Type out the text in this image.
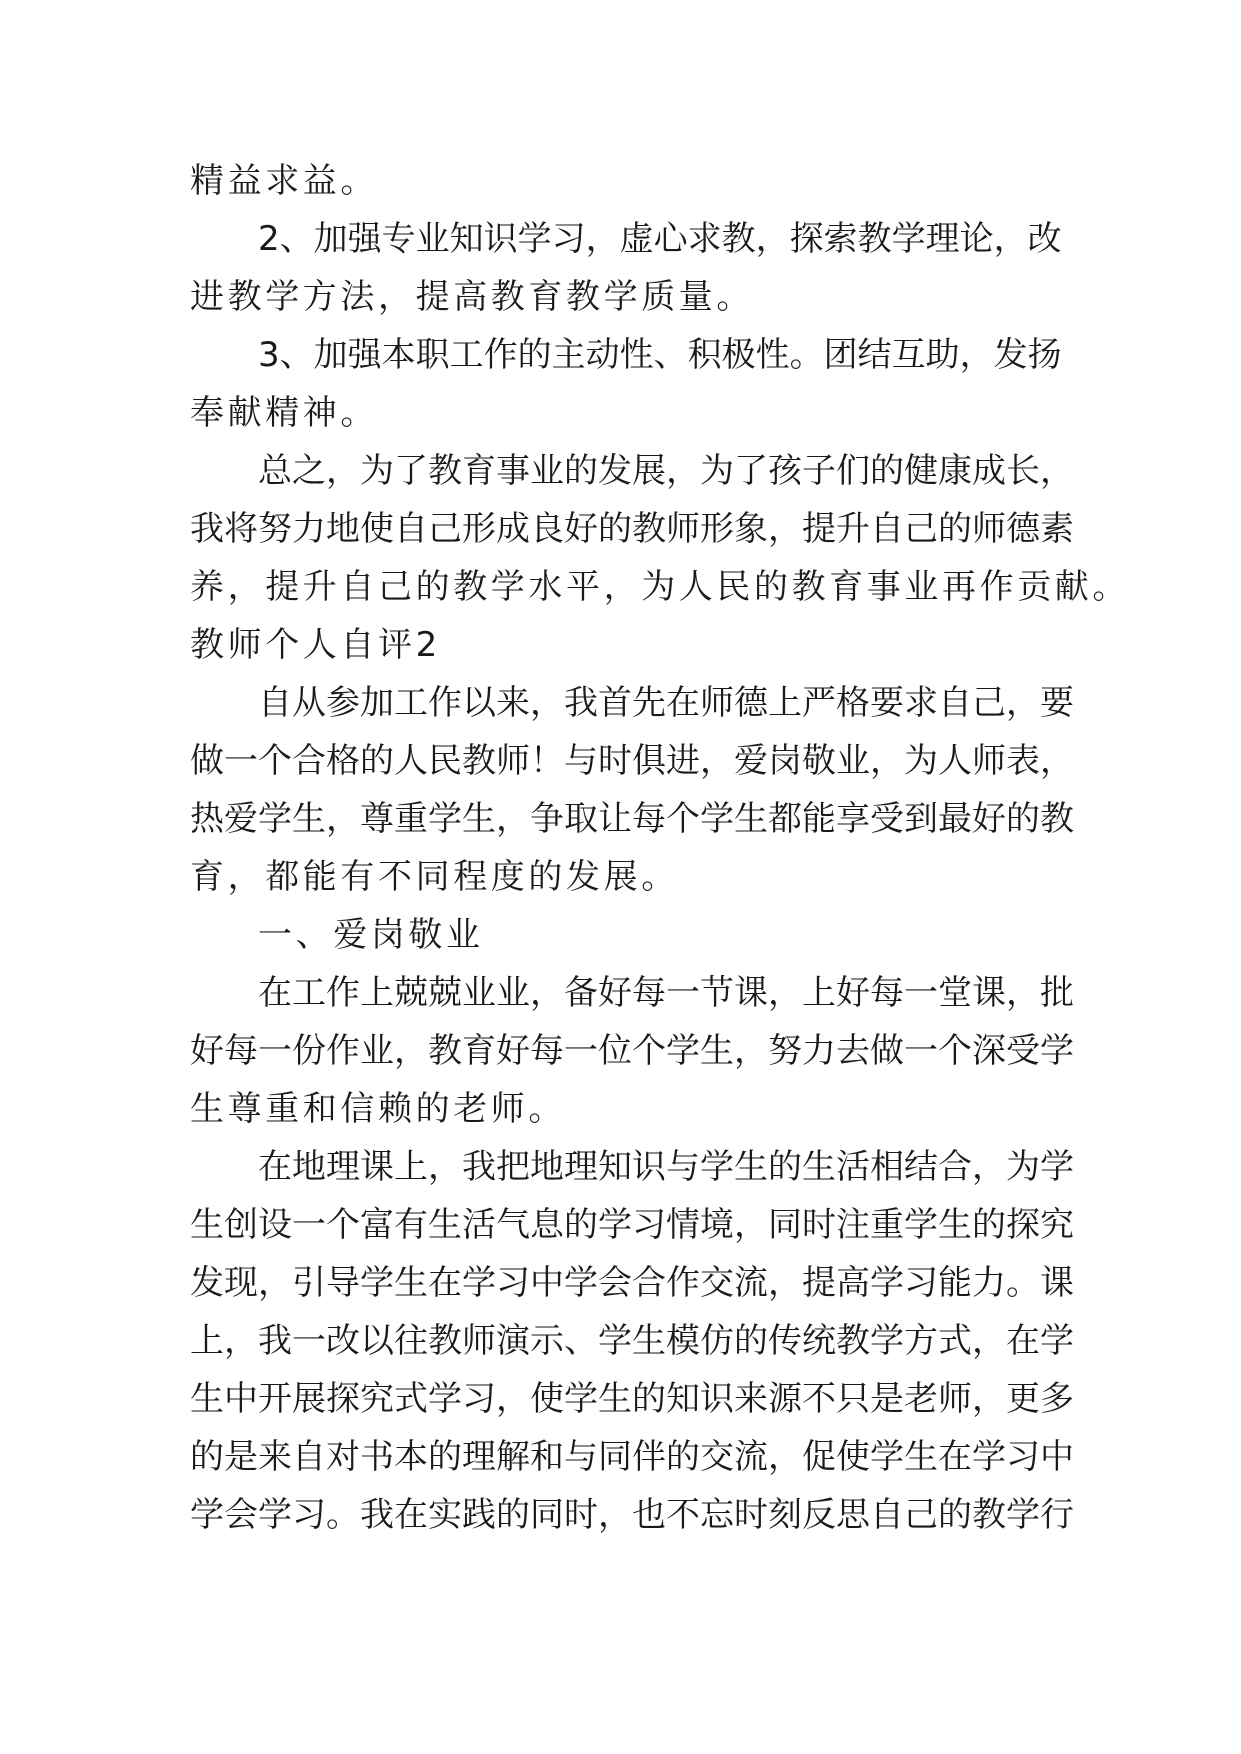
精益求益。
2、加强专业知识学习，虚心求教，探索教学理论，改
进教学方法，提高教育教学质量。
3、加强本职工作的主动性、积极性。团结互助，发扬
奉献精神。
总之，为了教育事业的发展，为了孩子们的健康成长，
我将努力地使自己形成良好的教师形象，提升自己的师德素
养，提升自己的教学水平，为人民的教育事业再作贡献。
教师个人自评2
自从参加工作以来，我首先在师德上严格要求自己，要
做一个合格的人民教师！与时俱进，爱岗敬业，为人师表，
热爱学生，尊重学生，争取让每个学生都能享受到最好的教
育，都能有不同程度的发展。
一、爱岗敬业
在工作上兢兢业业，备好每一节课，上好每一堂课，批
好每一份作业，教育好每一位个学生，努力去做一个深受学
生尊重和信赖的老师。
在地理课上，我把地理知识与学生的生活相结合，为学
生创设一个富有生活气息的学习情境，同时注重学生的探究
发现，引导学生在学习中学会合作交流，提高学习能力。课
上，我一改以往教师演示、学生模仿的传统教学方式，在学
生中开展探究式学习，使学生的知识来源不只是老师，更多
的是来自对书本的理解和与同伴的交流，促使学生在学习中
学会学习。我在实践的同时，也不忘时刻反思自己的教学行
